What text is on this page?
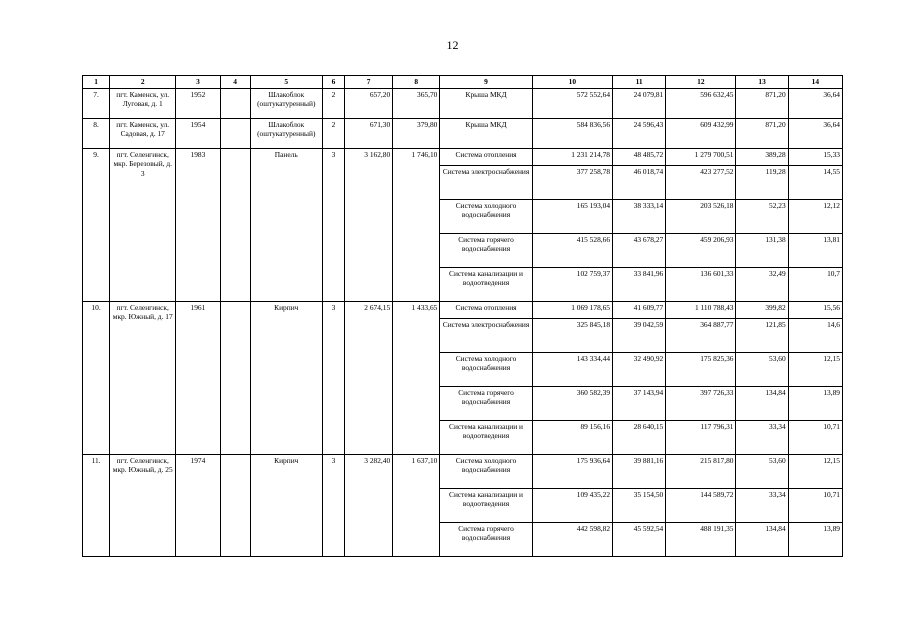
12
1	2	3	4	5	6	7	8	9	10	11	12	13	14
7.	пгт. Каменск, ул. Луговая, д. 1	1952		Шлакоблок (оштукатуренный)	2	657,20	365,70	Крыша МКД	572 552,64	24 079,81	596 632,45	871,20	36,64
8.	пгт. Каменск, ул. Садовая, д. 17	1954		Шлакоблок (оштукатуренный)	2	671,30	379,80	Крыша МКД	584 836,56	24 596,43	609 432,99	871,20	36,64
9.	пгт. Селенгинск, мкр. Березовый, д. 3	1983		Панель	3	3 162,80	1 746,10	Система отопления	1 231 214,78	48 485,72	1 279 700,51	389,28	15,33
								Система электроснабжения	377 258,78	46 018,74	423 277,52	119,28	14,55
								Система холодного водоснабжения	165 193,04	38 333,14	203 526,18	52,23	12,12
								Система горячего водоснабжения	415 528,66	43 678,27	459 206,93	131,38	13,81
								Система канализации и водоотведения	102 759,37	33 841,96	136 601,33	32,49	10,7
10.	пгт. Селенгинск, мкр. Южный, д. 17	1961		Кирпич	3	2 674,15	1 433,65	Система отопления	1 069 178,65	41 609,77	1 110 788,43	399,82	15,56
								Система электроснабжения	325 845,18	39 042,59	364 887,77	121,85	14,6
								Система холодного водоснабжения	143 334,44	32 490,92	175 825,36	53,60	12,15
								Система горячего водоснабжения	360 582,39	37 143,94	397 726,33	134,84	13,89
								Система канализации и водоотведения	89 156,16	28 640,15	117 796,31	33,34	10,71
11.	пгт. Селенгинск, мкр. Южный, д. 25	1974		Кирпич	3	3 282,40	1 637,10	Система холодного водоснабжения	175 936,64	39 881,16	215 817,80	53,60	12,15
								Система канализации и водоотведения	109 435,22	35 154,50	144 589,72	33,34	10,71
								Система горячего водоснабжения	442 598,82	45 592,54	488 191,35	134,84	13,89
